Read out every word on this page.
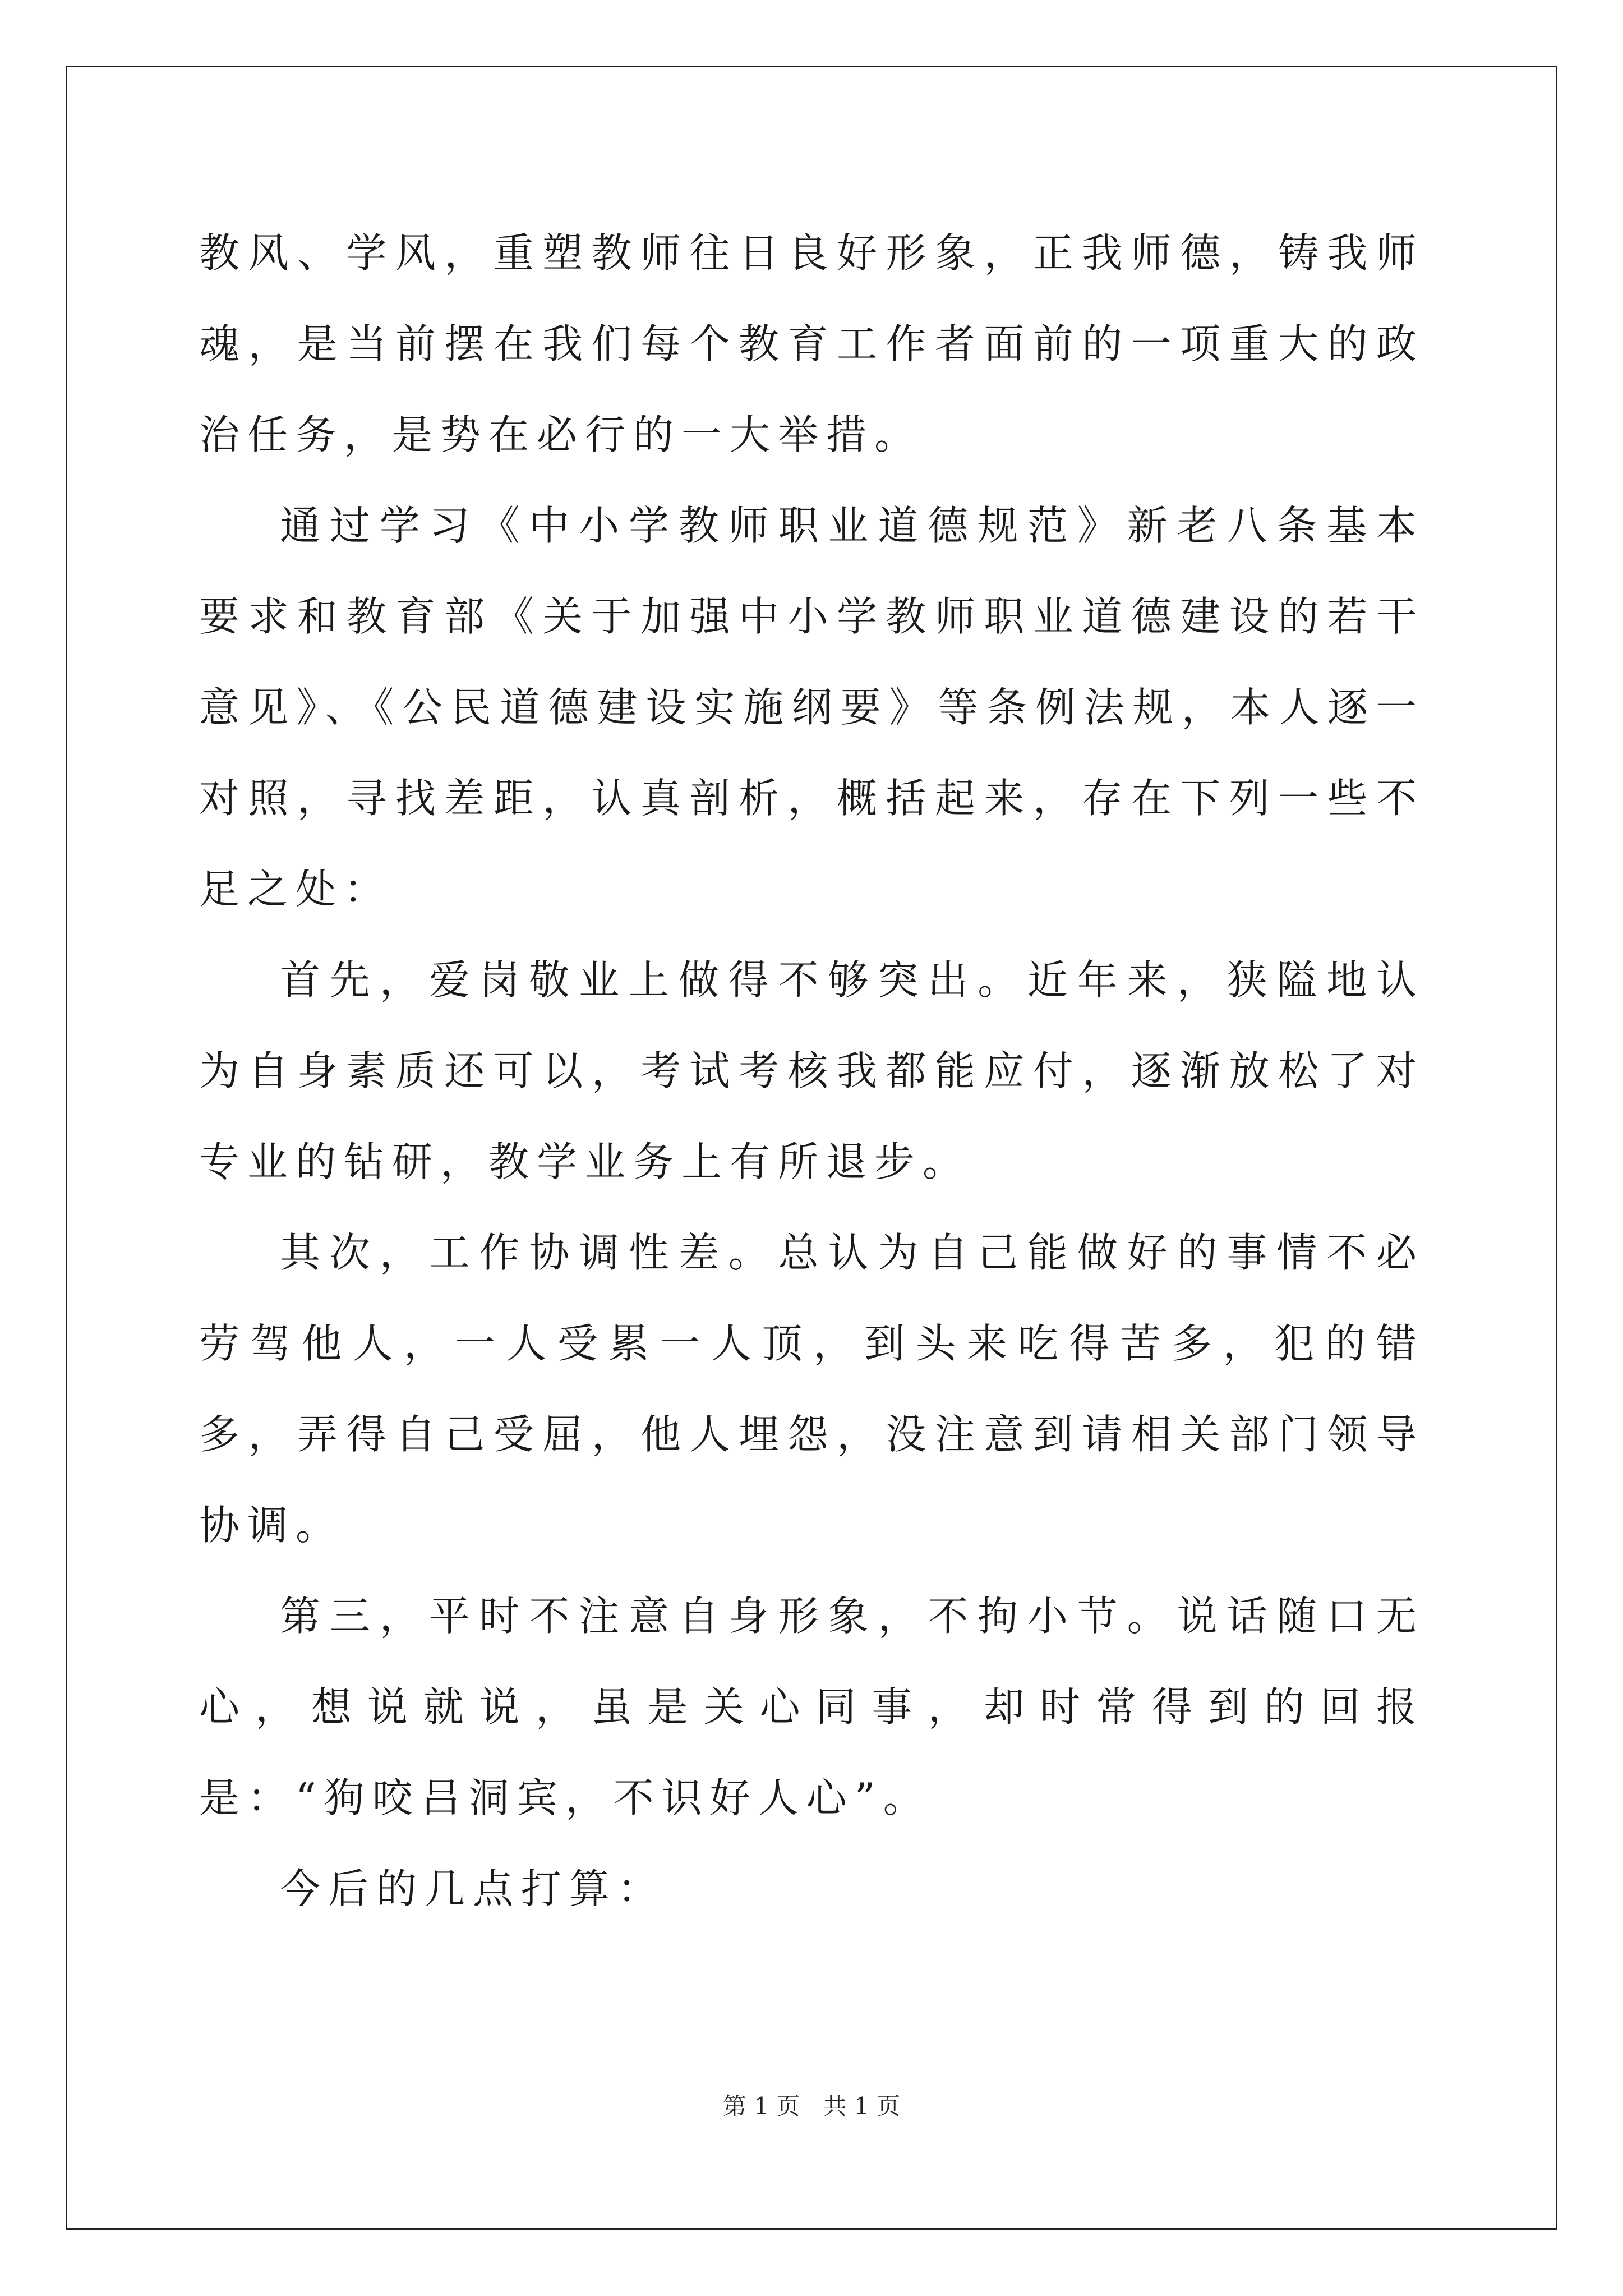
教风、学风，重塑教师往日良好形象，正我师德，铸我师魂，是当前摆在我们每个教育工作者面前的一项重大的政治任务，是势在必行的一大举措。

通过学习《中小学教师职业道德规范》新老八条基本要求和教育部《关于加强中小学教师职业道德建设的若干意见》、《公民道德建设实施纲要》等条例法规，本人逐一对照，寻找差距，认真剖析，概括起来，存在下列一些不足之处：

首先，爱岗敬业上做得不够突出。近年来，狭隘地认为自身素质还可以，考试考核我都能应付，逐渐放松了对专业的钻研，教学业务上有所退步。

其次，工作协调性差。总认为自己能做好的事情不必劳驾他人，一人受累一人顶，到头来吃得苦多，犯的错多，弄得自己受屈，他人埋怨，没注意到请相关部门领导协调。

第三，平时不注意自身形象，不拘小节。说话随口无心，想说就说，虽是关心同事，却时常得到的回报是：“狗咬吕洞宾，不识好人心”。

今后的几点打算：

第 1 页 共 1 页
